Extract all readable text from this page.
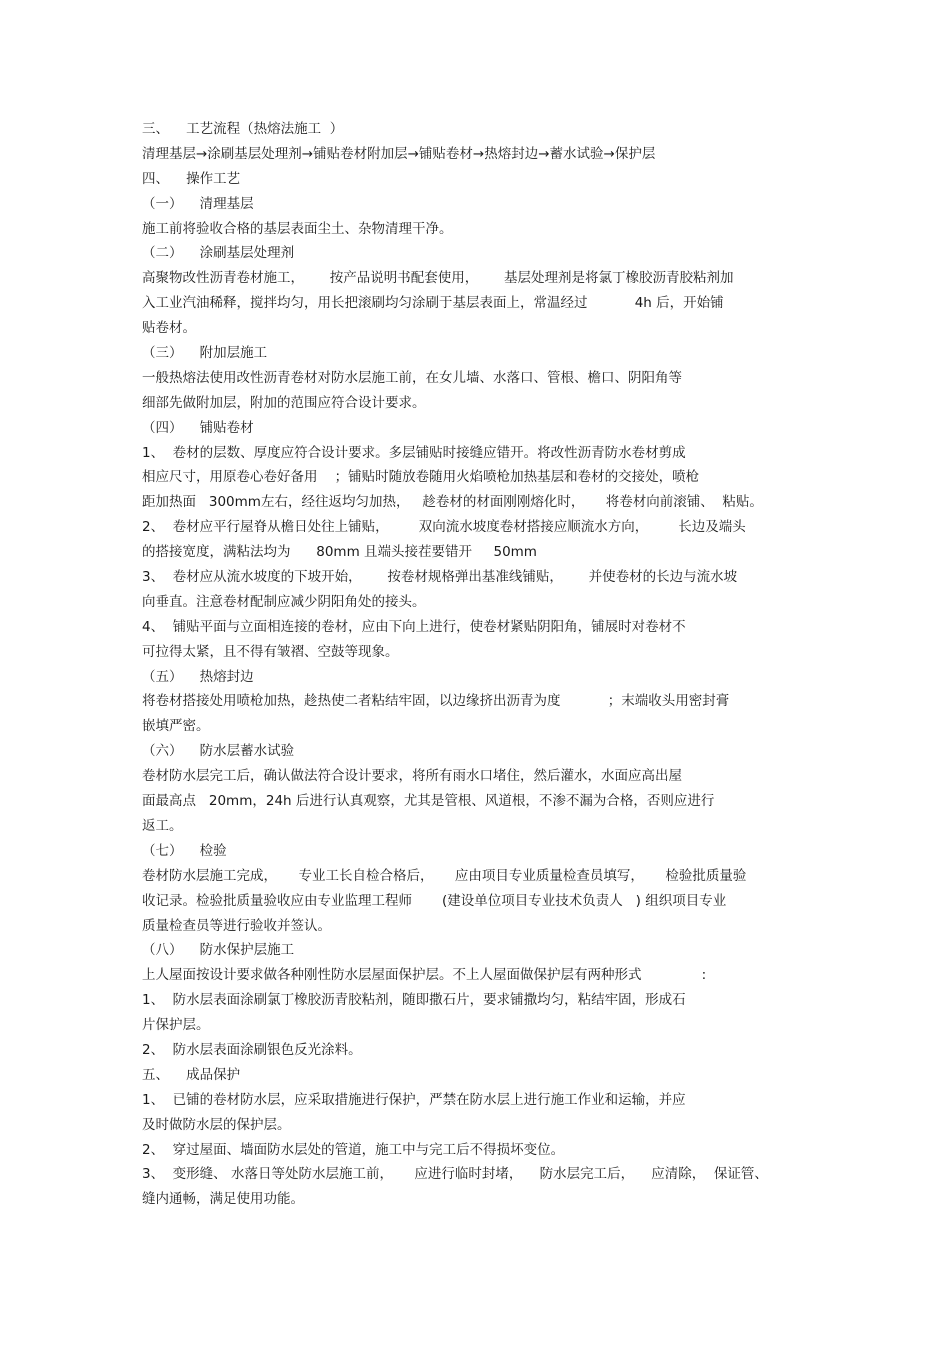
三、    工艺流程（热熔法施工  ）
清理基层→涂刷基层处理剂→铺贴卷材附加层→铺贴卷材→热熔封边→蓄水试验→保护层
四、    操作工艺
（一）    清理基层
施工前将验收合格的基层表面尘土、杂物清理干净。
（二）    涂刷基层处理剂
高聚物改性沥青卷材施工，      按产品说明书配套使用，      基层处理剂是将氯丁橡胶沥青胶粘剂加
入工业汽油稀释，搅拌均匀，用长把滚刷均匀涂刷于基层表面上，常温经过           4h 后，开始铺
贴卷材。
（三）    附加层施工
一般热熔法使用改性沥青卷材对防水层施工前，在女儿墙、水落口、管根、檐口、阴阳角等
细部先做附加层，附加的范围应符合设计要求。
（四）    铺贴卷材
1、  卷材的层数、厚度应符合设计要求。多层铺贴时接缝应错开。将改性沥青防水卷材剪成
相应尺寸，用原卷心卷好备用    ；铺贴时随放卷随用火焰喷枪加热基层和卷材的交接处，喷枪
距加热面   300mm左右，经往返均匀加热，   趁卷材的材面刚刚熔化时，     将卷材向前滚铺、  粘贴。
2、  卷材应平行屋脊从檐日处往上铺贴，       双向流水坡度卷材搭接应顺流水方向，       长边及端头
的搭接宽度，满粘法均为      80mm 且端头接茬要错开     50mm
3、  卷材应从流水坡度的下坡开始，      按卷材规格弹出基准线铺贴，      并使卷材的长边与流水坡
向垂直。注意卷材配制应减少阴阳角处的接头。
4、  铺贴平面与立面相连接的卷材，应由下向上进行，使卷材紧贴阴阳角，铺展时对卷材不
可拉得太紧，且不得有皱褶、空鼓等现象。
（五）    热熔封边
将卷材搭接处用喷枪加热，趁热使二者粘结牢固，以边缘挤出沥青为度           ；末端收头用密封膏
嵌填严密。
（六）    防水层蓄水试验
卷材防水层完工后，确认做法符合设计要求，将所有雨水口堵住，然后灌水，水面应高出屋
面最高点   20mm，24h 后进行认真观察，尤其是管根、风道根，不渗不漏为合格，否则应进行
返工。
（七）    检验
卷材防水层施工完成，     专业工长自检合格后，     应由项目专业质量检查员填写，     检验批质量验
收记录。检验批质量验收应由专业监理工程师       (建设单位项目专业技术负责人   ) 组织项目专业
质量检查员等进行验收并签认。
（八）    防水保护层施工
上人屋面按设计要求做各种刚性防水层屋面保护层。不上人屋面做保护层有两种形式              :
1、  防水层表面涂刷氯丁橡胶沥青胶粘剂，随即撒石片，要求铺撒均匀，粘结牢固，形成石
片保护层。
2、  防水层表面涂刷银色反光涂料。
五、    成品保护
1、  已铺的卷材防水层，应采取措施进行保护，严禁在防水层上进行施工作业和运输，并应
及时做防水层的保护层。
2、  穿过屋面、墙面防水层处的管道，施工中与完工后不得损坏变位。
3、  变形缝、 水落日等处防水层施工前，     应进行临时封堵，    防水层完工后，    应清除，  保证管、
缝内通畅，满足使用功能。
